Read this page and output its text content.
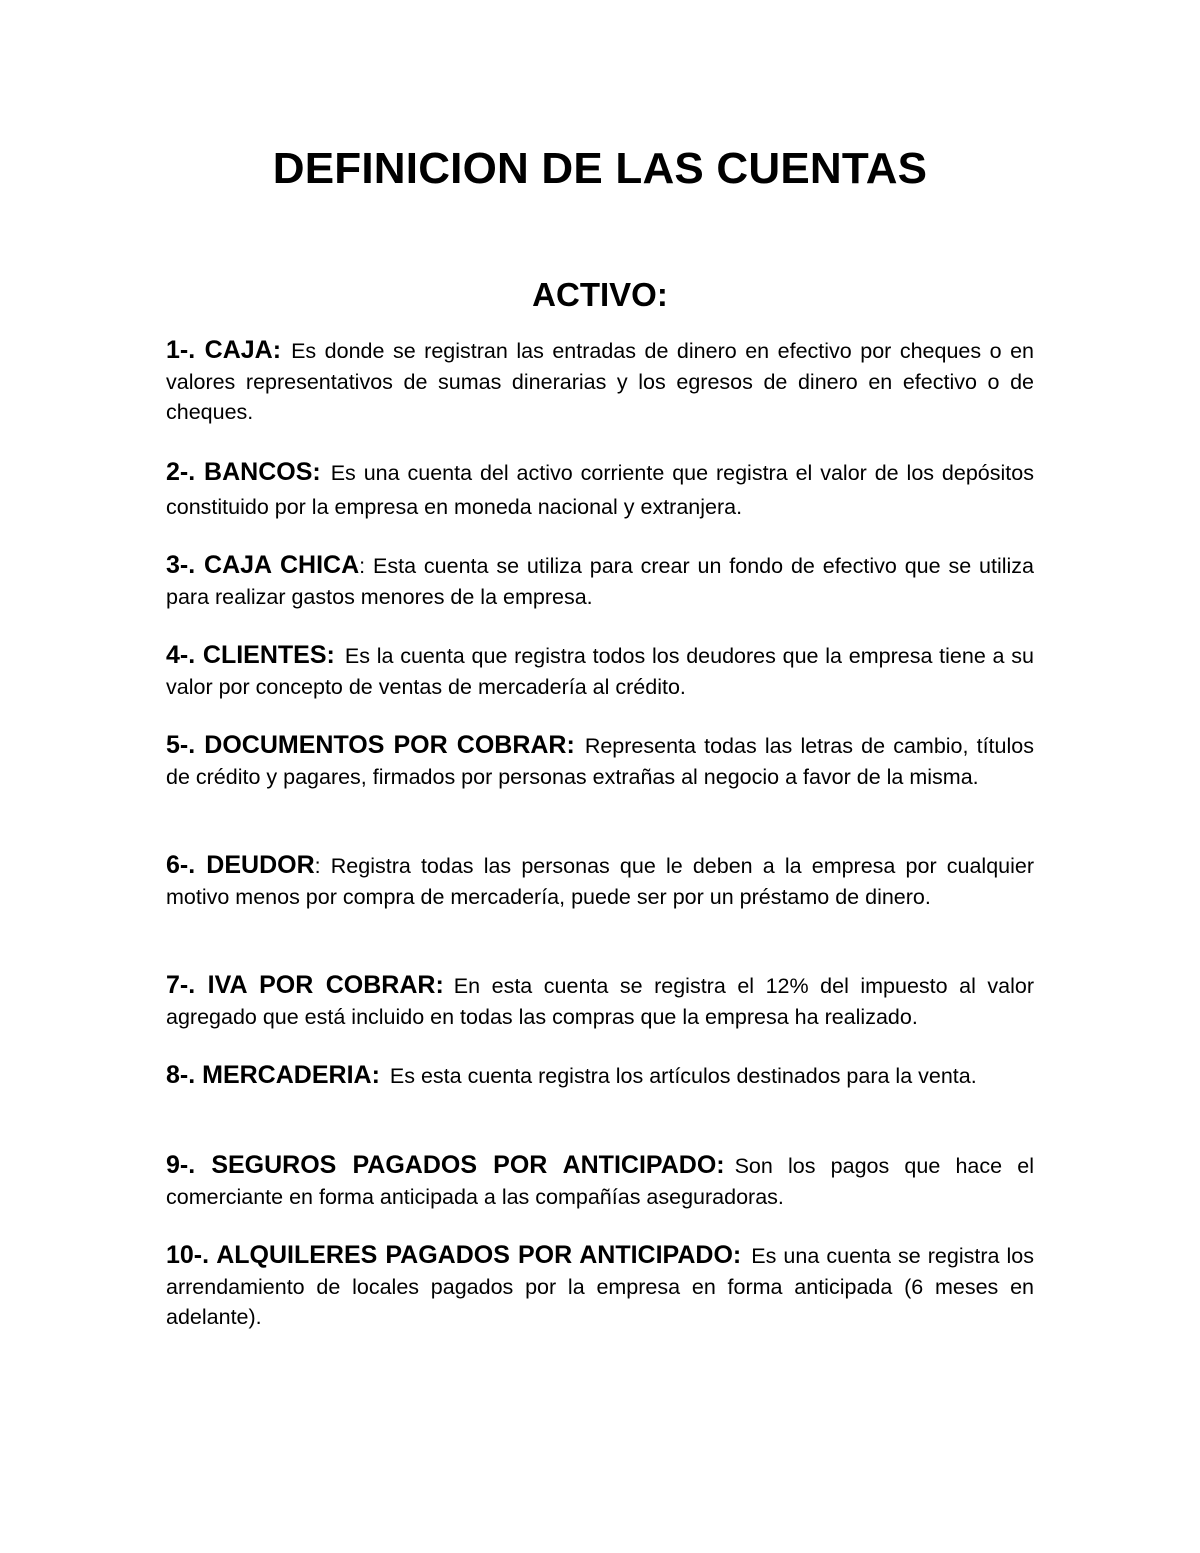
DEFINICION DE LAS CUENTAS
ACTIVO:

1-. CAJA: Es donde se registran las entradas de dinero en efectivo por cheques o en valores representativos de sumas dinerarias y los egresos de dinero en efectivo o de cheques.

2-. BANCOS: Es una cuenta del activo corriente que registra el valor de los depósitos constituido por la empresa en moneda nacional y extranjera.

3-. CAJA CHICA: Esta cuenta se utiliza para crear un fondo de efectivo que se utiliza para realizar gastos menores de la empresa.

4-. CLIENTES: Es la cuenta que registra todos los deudores que la empresa tiene a su valor por concepto de ventas de mercadería al crédito.

5-. DOCUMENTOS POR COBRAR: Representa todas las letras de cambio, títulos de crédito y pagares, firmados por personas extrañas al negocio a favor de la misma.

6-. DEUDOR: Registra todas las personas que le deben a la empresa por cualquier motivo menos por compra de mercadería, puede ser por un préstamo de dinero.

7-. IVA POR COBRAR: En esta cuenta se registra el 12% del impuesto al valor agregado que está incluido en todas las compras que la empresa ha realizado.

8-. MERCADERIA: Es esta cuenta registra los artículos destinados para la venta.

9-. SEGUROS PAGADOS POR ANTICIPADO: Son los pagos que hace el comerciante en forma anticipada a las compañías aseguradoras.

10-. ALQUILERES PAGADOS POR ANTICIPADO: Es una cuenta se registra los arrendamiento de locales pagados por la empresa en forma anticipada (6 meses en adelante).
